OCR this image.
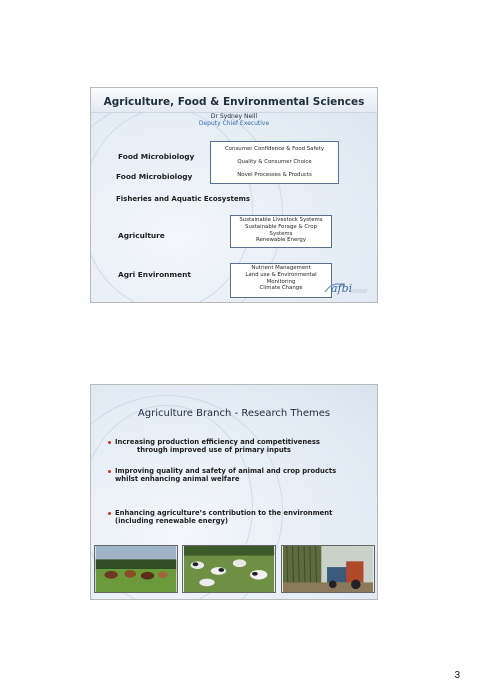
Agriculture, Food & Environmental Sciences
Dr Sydney Neill
Deputy Chief Executive
Food Microbiology
Food Microbiology
Fisheries and Aquatic Ecosystems
Agriculture
Agri Environment
Consumer Confidence & Food Safety
Quality & Consumer Choice
Novel Processes & Products
Sustainable Livestock Systems
Sustainable Forage & Crop
Systems
Renewable Energy
Nutrient Management
Land use & Environmental
Monitoring
Climate Change	afbi
Agriculture Branch - Research Themes
Increasing production efficiency and competitiveness
through improved use of primary inputs
Improving quality and safety of animal and crop products
whilst enhancing animal welfare
Enhancing agriculture’s contribution to the environment
(including renewable energy)
3
